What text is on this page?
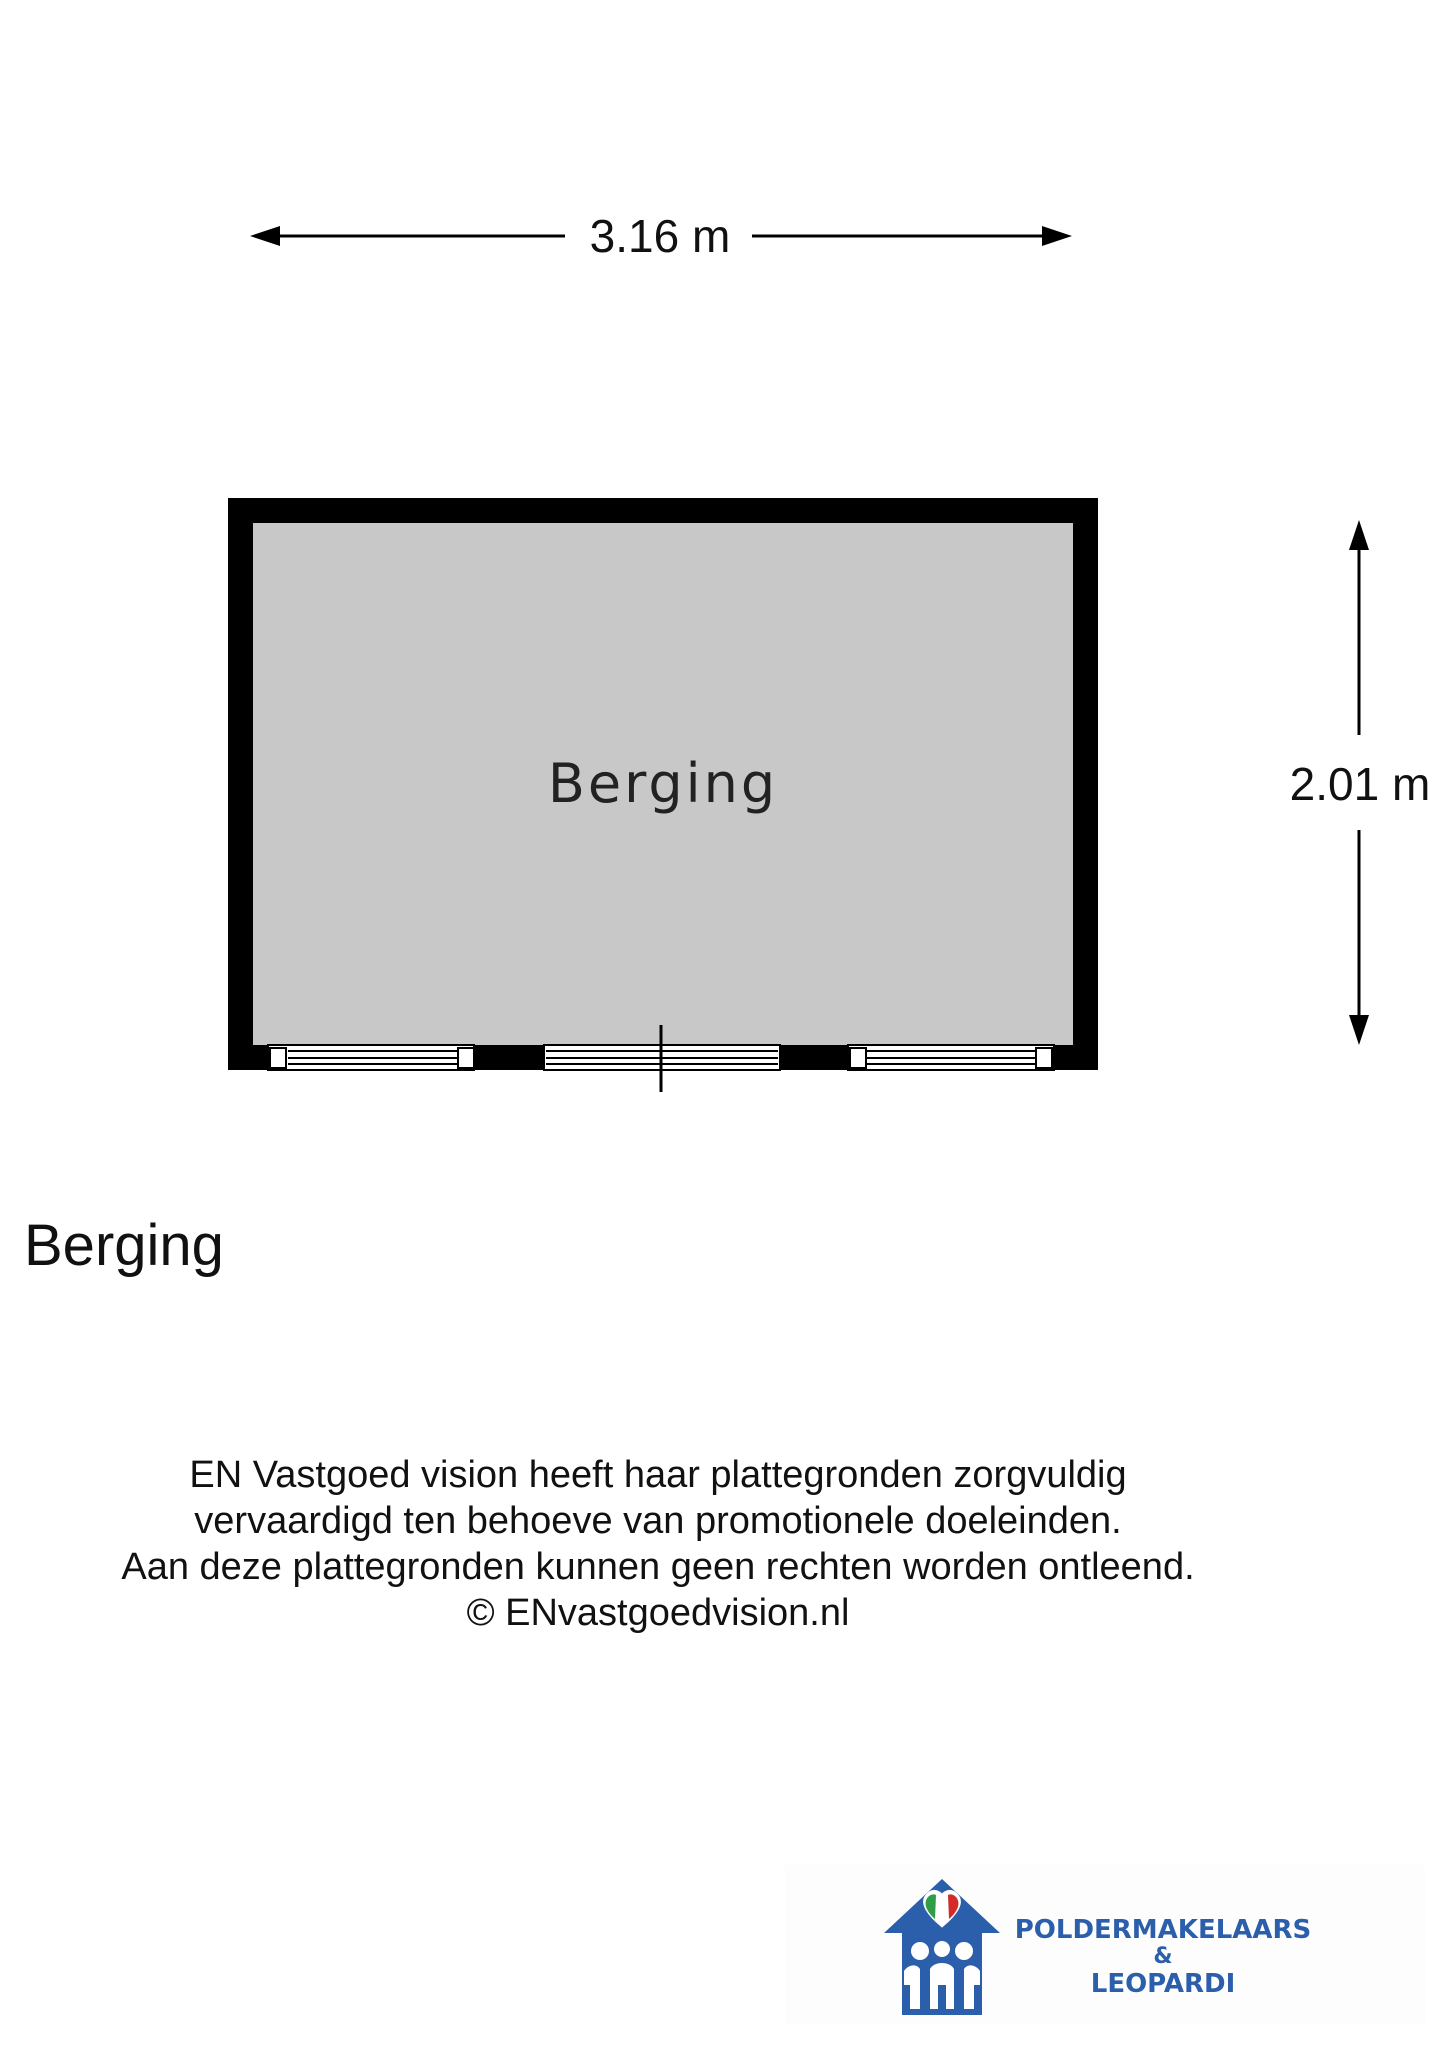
3.16 m
2.01 m
Berging
Berging
EN Vastgoed vision heeft haar plattegronden zorgvuldig
vervaardigd ten behoeve van promotionele doeleinden.
Aan deze plattegronden kunnen geen rechten worden ontleend.
© ENvastgoedvision.nl
POLDERMAKELAARS
&
LEOPARDI
